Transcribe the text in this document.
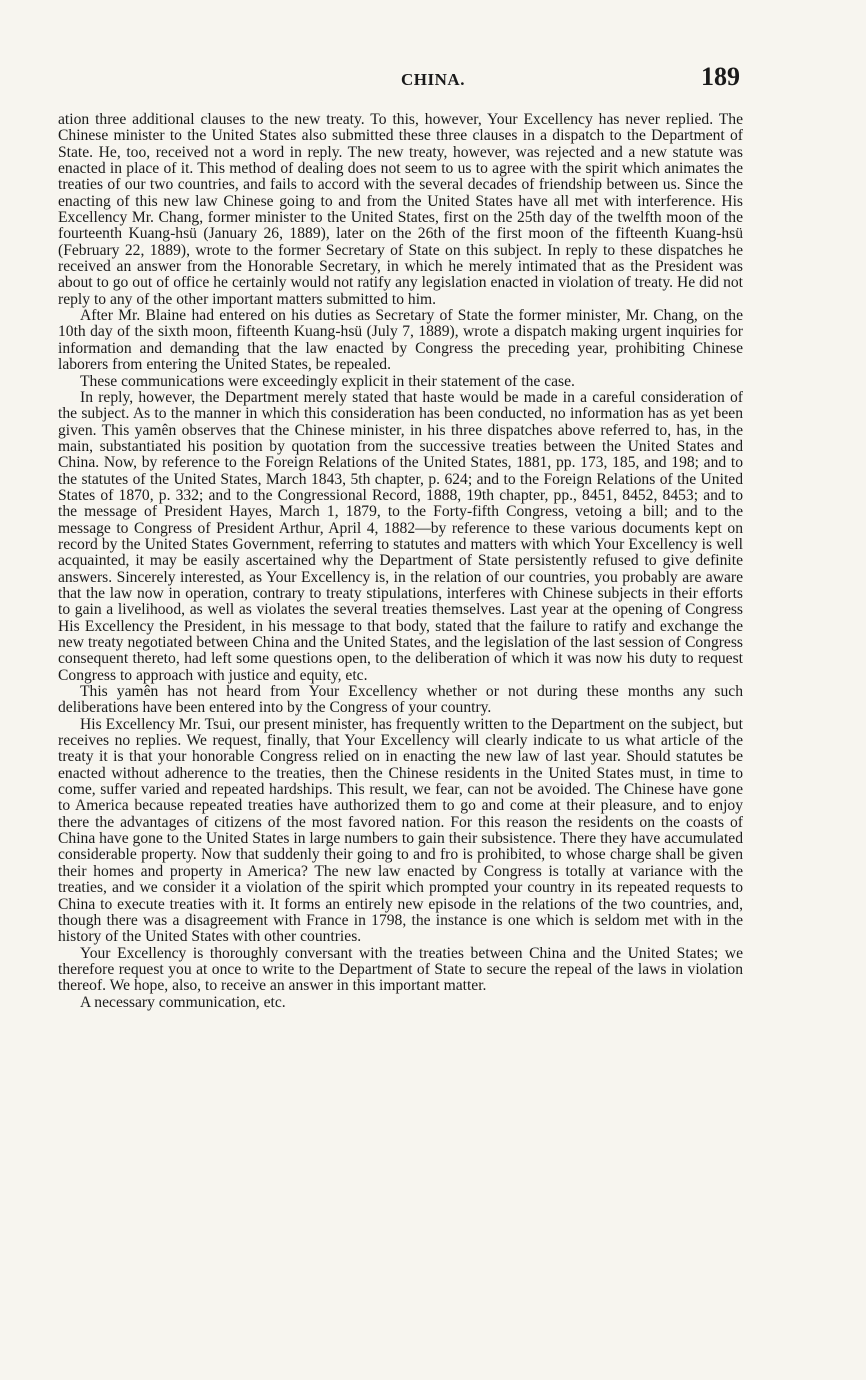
CHINA.	189

ation three additional clauses to the new treaty. To this, however, Your Excellency has never replied. The Chinese minister to the United States also submitted these three clauses in a dispatch to the Department of State. He, too, received not a word in reply. The new treaty, however, was rejected and a new statute was enacted in place of it. This method of dealing does not seem to us to agree with the spirit which animates the treaties of our two countries, and fails to accord with the several decades of friendship between us. Since the enacting of this new law Chinese going to and from the United States have all met with interference. His Excellency Mr. Chang, former minister to the United States, first on the 25th day of the twelfth moon of the fourteenth Kuang-hsü (January 26, 1889), later on the 26th of the first moon of the fifteenth Kuang-hsü (February 22, 1889), wrote to the former Secretary of State on this subject. In reply to these dispatches he received an answer from the Honorable Secretary, in which he merely intimated that as the President was about to go out of office he certainly would not ratify any legislation enacted in violation of treaty. He did not reply to any of the other important matters submitted to him.

After Mr. Blaine had entered on his duties as Secretary of State the former minister, Mr. Chang, on the 10th day of the sixth moon, fifteenth Kuang-hsü (July 7, 1889), wrote a dispatch making urgent inquiries for information and demanding that the law enacted by Congress the preceding year, prohibiting Chinese laborers from entering the United States, be repealed.

These communications were exceedingly explicit in their statement of the case.

In reply, however, the Department merely stated that haste would be made in a careful consideration of the subject. As to the manner in which this consideration has been conducted, no information has as yet been given. This yamên observes that the Chinese minister, in his three dispatches above referred to, has, in the main, substantiated his position by quotation from the successive treaties between the United States and China. Now, by reference to the Foreign Relations of the United States, 1881, pp. 173, 185, and 198; and to the statutes of the United States, March 1843, 5th chapter, p. 624; and to the Foreign Relations of the United States of 1870, p. 332; and to the Congressional Record, 1888, 19th chapter, pp., 8451, 8452, 8453; and to the message of President Hayes, March 1, 1879, to the Forty-fifth Congress, vetoing a bill; and to the message to Congress of President Arthur, April 4, 1882—by reference to these various documents kept on record by the United States Government, referring to statutes and matters with which Your Excellency is well acquainted, it may be easily ascertained why the Department of State persistently refused to give definite answers. Sincerely interested, as Your Excellency is, in the relation of our countries, you probably are aware that the law now in operation, contrary to treaty stipulations, interferes with Chinese subjects in their efforts to gain a livelihood, as well as violates the several treaties themselves. Last year at the opening of Congress His Excellency the President, in his message to that body, stated that the failure to ratify and exchange the new treaty negotiated between China and the United States, and the legislation of the last session of Congress consequent thereto, had left some questions open, to the deliberation of which it was now his duty to request Congress to approach with justice and equity, etc.

This yamên has not heard from Your Excellency whether or not during these months any such deliberations have been entered into by the Congress of your country.

His Excellency Mr. Tsui, our present minister, has frequently written to the Department on the subject, but receives no replies. We request, finally, that Your Excellency will clearly indicate to us what article of the treaty it is that your honorable Congress relied on in enacting the new law of last year. Should statutes be enacted without adherence to the treaties, then the Chinese residents in the United States must, in time to come, suffer varied and repeated hardships. This result, we fear, can not be avoided. The Chinese have gone to America because repeated treaties have authorized them to go and come at their pleasure, and to enjoy there the advantages of citizens of the most favored nation. For this reason the residents on the coasts of China have gone to the United States in large numbers to gain their subsistence. There they have accumulated considerable property. Now that suddenly their going to and fro is prohibited, to whose charge shall be given their homes and property in America? The new law enacted by Congress is totally at variance with the treaties, and we consider it a violation of the spirit which prompted your country in its repeated requests to China to execute treaties with it. It forms an entirely new episode in the relations of the two countries, and, though there was a disagreement with France in 1798, the instance is one which is seldom met with in the history of the United States with other countries.

Your Excellency is thoroughly conversant with the treaties between China and the United States; we therefore request you at once to write to the Department of State to secure the repeal of the laws in violation thereof. We hope, also, to receive an answer in this important matter.

A necessary communication, etc.
